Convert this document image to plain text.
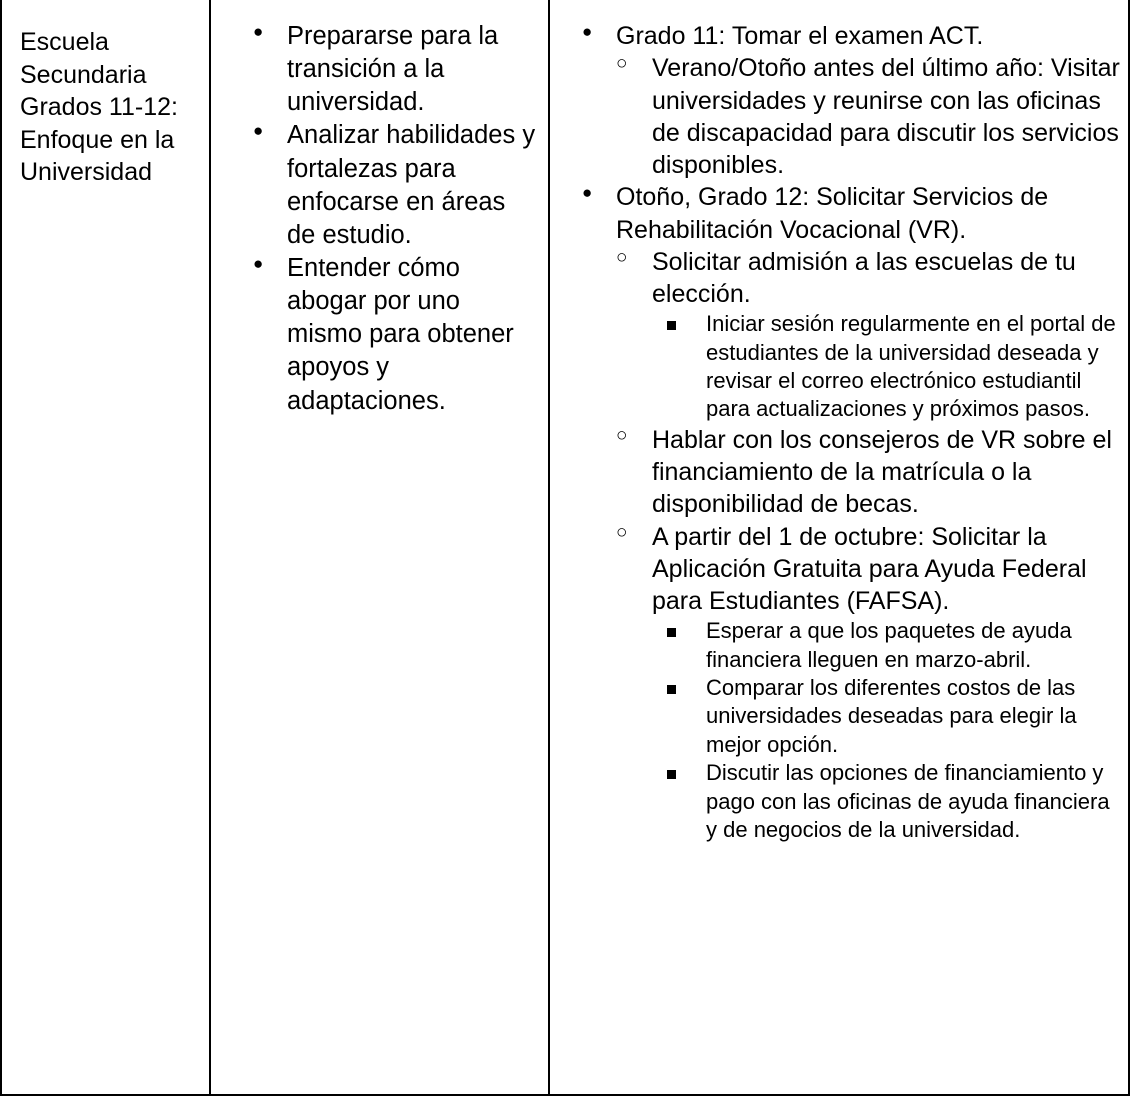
Escuela
Secundaria
Grados 11-12:
Enfoque en la
Universidad

● Prepararse para la transición a la universidad.
● Analizar habilidades y fortalezas para enfocarse en áreas de estudio.
● Entender cómo abogar por uno mismo para obtener apoyos y adaptaciones.

● Grado 11: Tomar el examen ACT.
○ Verano/Otoño antes del último año: Visitar universidades y reunirse con las oficinas de discapacidad para discutir los servicios disponibles.
● Otoño, Grado 12: Solicitar Servicios de Rehabilitación Vocacional (VR).
○ Solicitar admisión a las escuelas de tu elección.
Iniciar sesión regularmente en el portal de estudiantes de la universidad deseada y revisar el correo electrónico estudiantil para actualizaciones y próximos pasos.
○ Hablar con los consejeros de VR sobre el financiamiento de la matrícula o la disponibilidad de becas.
○ A partir del 1 de octubre: Solicitar la Aplicación Gratuita para Ayuda Federal para Estudiantes (FAFSA).
Esperar a que los paquetes de ayuda financiera lleguen en marzo-abril.
Comparar los diferentes costos de las universidades deseadas para elegir la mejor opción.
Discutir las opciones de financiamiento y pago con las oficinas de ayuda financiera y de negocios de la universidad.
